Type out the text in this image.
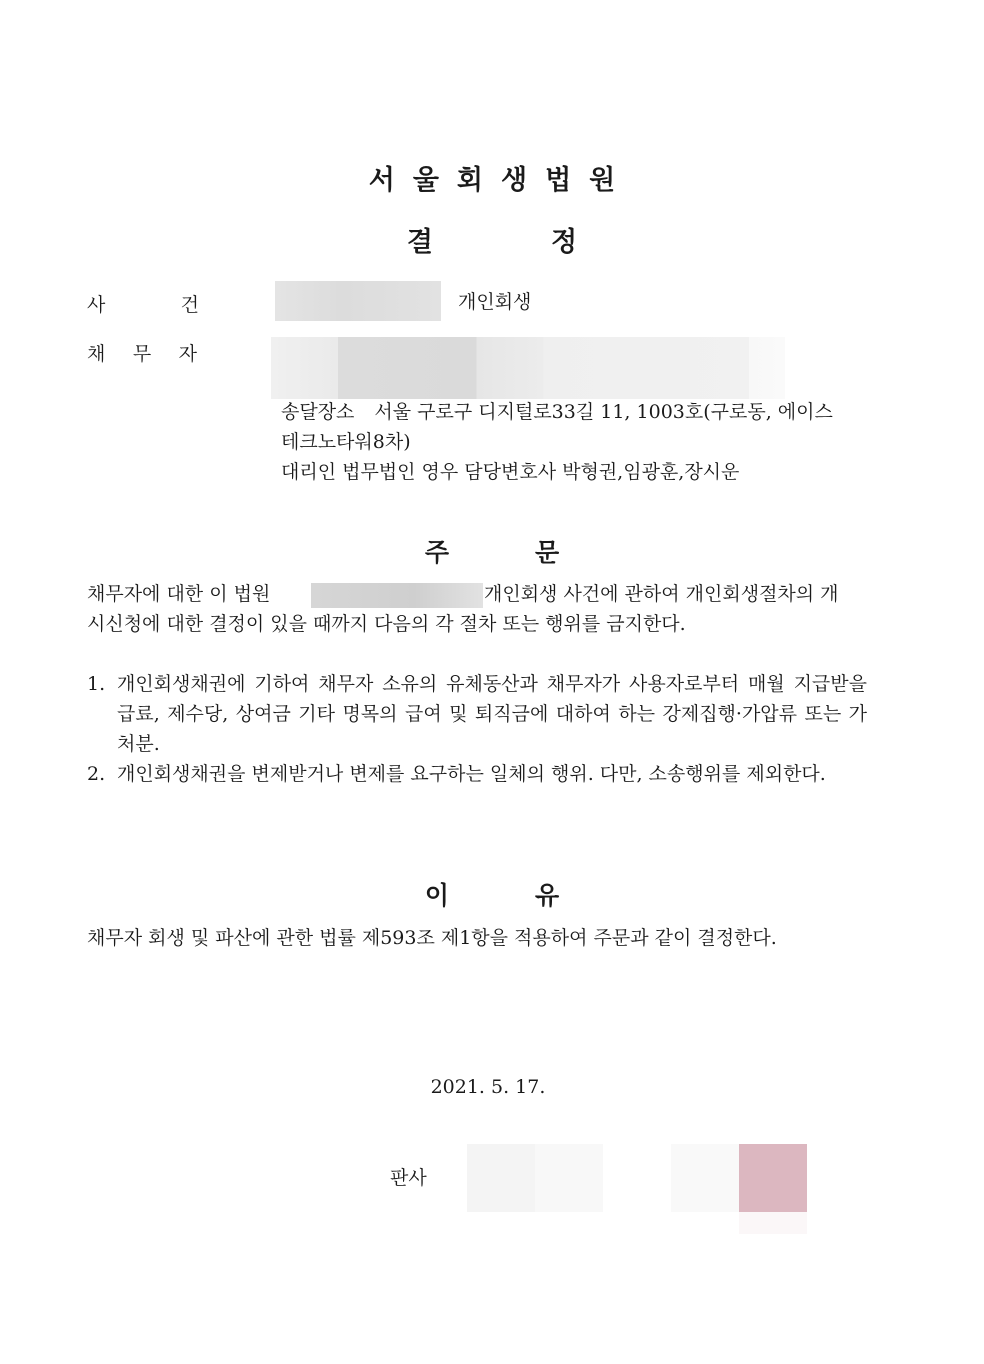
서울회생법원
결	정
사	건	개인회생
채 무 자
송달장소 서울 구로구 디지털로33길 11, 1003호(구로동, 에이스
테크노타워8차)
대리인 법무법인 영우 담당변호사 박형권,임광훈,장시운
주	문
채무자에 대한 이 법원	개인회생 사건에 관하여 개인회생절차의 개
시신청에 대한 결정이 있을 때까지 다음의 각 절차 또는 행위를 금지한다.
1. 개인회생채권에 기하여 채무자 소유의 유체동산과 채무자가 사용자로부터 매월 지급받을 급료, 제수당, 상여금 기타 명목의 급여 및 퇴직금에 대하여 하는 강제집행·가압류 또는 가처분.
2. 개인회생채권을 변제받거나 변제를 요구하는 일체의 행위. 다만, 소송행위를 제외한다.
이	유
채무자 회생 및 파산에 관한 법률 제593조 제1항을 적용하여 주문과 같이 결정한다.
2021. 5. 17.
판사
